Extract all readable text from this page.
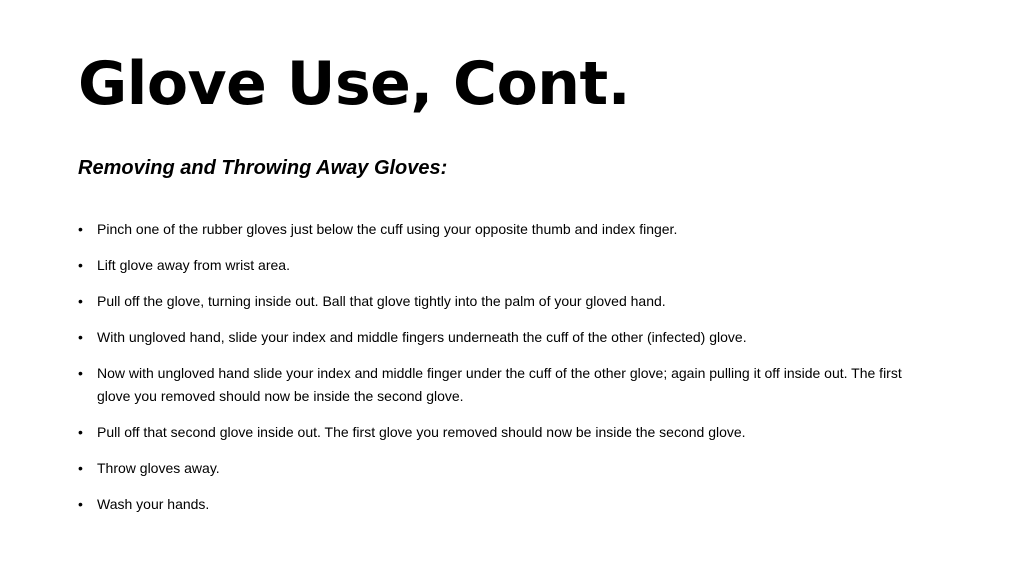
Glove Use, Cont.
Removing and Throwing Away Gloves:
• Pinch one of the rubber gloves just below the cuff using your opposite thumb and index finger.
• Lift glove away from wrist area.
• Pull off the glove, turning inside out. Ball that glove tightly into the palm of your gloved hand.
• With ungloved hand, slide your index and middle fingers underneath the cuff of the other (infected) glove.
• Now with ungloved hand slide your index and middle finger under the cuff of the other glove; again pulling it off inside out. The first glove you removed should now be inside the second glove.
• Pull off that second glove inside out. The first glove you removed should now be inside the second glove.
• Throw gloves away.
• Wash your hands.
